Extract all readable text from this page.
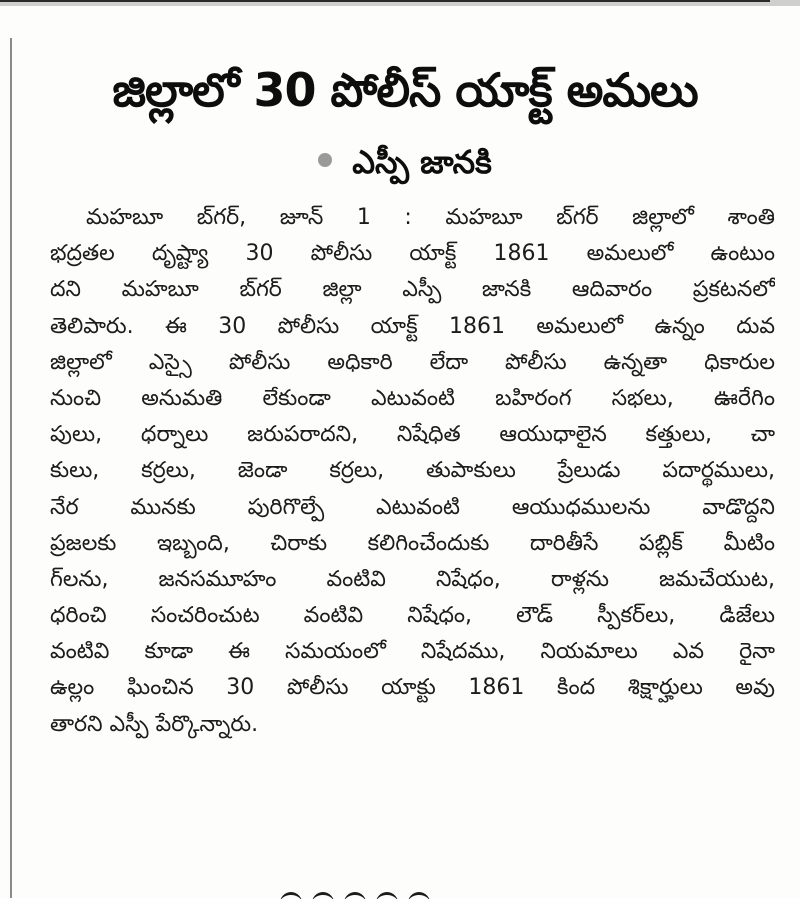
జిల్లాలో 30 పోలీస్ యాక్ట్ అమలు
ఎస్పీ జానకి
మహబూ బ్‌గర్, జూన్ 1 : మహబూ బ్‌గర్ జిల్లాలో శాంతి
భద్రతల దృష్ట్యా 30 పోలీసు యాక్ట్ 1861 అమలులో ఉంటుం
దని మహబూ బ్‌గర్ జిల్లా ఎస్పీ జానకి ఆదివారం ప్రకటనలో
తెలిపారు. ఈ 30 పోలీసు యాక్ట్ 1861 అమలులో ఉన్నం దువ
జిల్లాలో ఎస్సై పోలీసు అధికారి లేదా పోలీసు ఉన్నతా ధికారుల
నుంచి అనుమతి లేకుండా ఎటువంటి బహిరంగ సభలు, ఊరేగిం
పులు, ధర్నాలు జరుపరాదని, నిషేధిత ఆయుధాలైన కత్తులు, చా
కులు, కర్రలు, జెండా కర్రలు, తుపాకులు ప్రేలుడు పదార్థములు,
నేర మునకు పురిగొల్పే ఎటువంటి ఆయుధములను వాడొద్దని
ప్రజలకు ఇబ్బంది, చిరాకు కలిగించేందుకు దారితీసే పబ్లిక్ మీటిం
గ్‌లను, జనసమూహం వంటివి నిషేధం, రాళ్లను జమచేయుట,
ధరించి సంచరించుట వంటివి నిషేధం, లౌడ్ స్పీకర్‌లు, డిజేలు
వంటివి కూడా ఈ సమయంలో నిషేదము, నియమాలు ఎవ రైనా
ఉల్లం ఘించిన 30 పోలీసు యాక్టు 1861 కింద శిక్షార్హులు అవు
తారని ఎస్పీ పేర్కొన్నారు.
